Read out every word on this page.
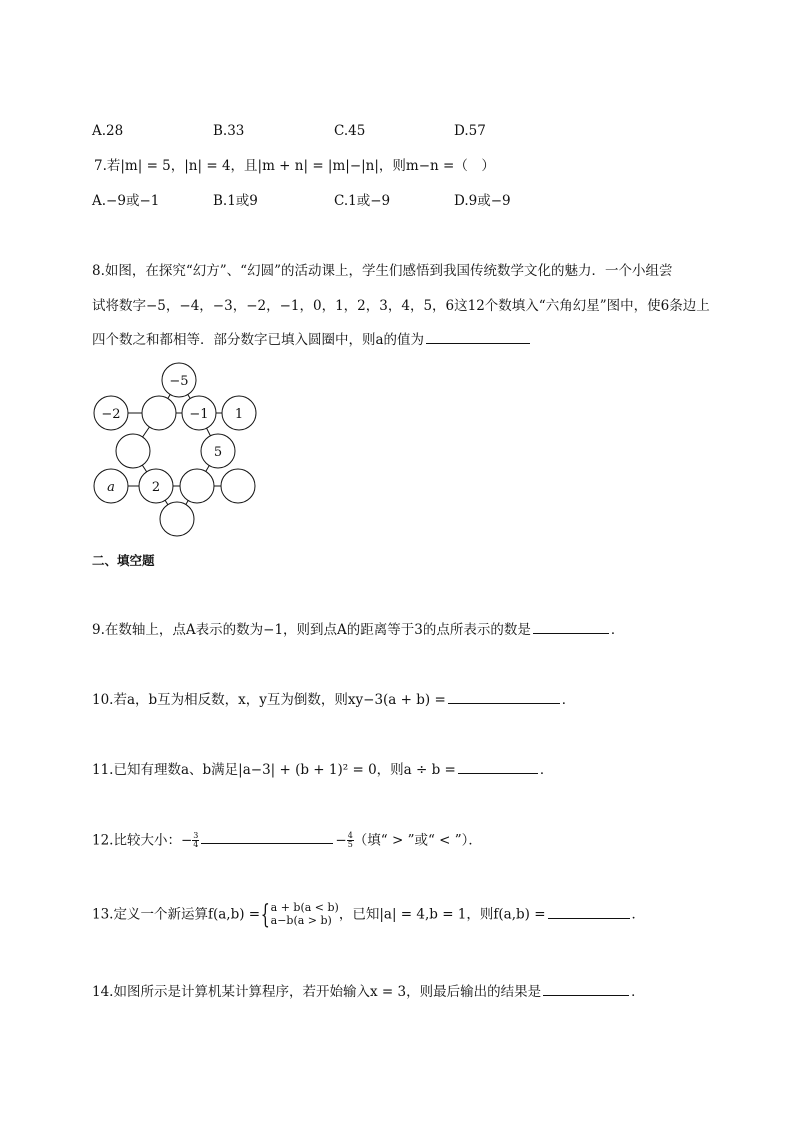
A.28	B.33	C.45	D.57
7.若|m| = 5，|n| = 4，且|m + n| = |m|−|n|，则m−n =（　）
A.−9或−1	B.1或9	C.1或−9	D.9或−9
8.如图，在探究“幻方”、“幻圆”的活动课上，学生们感悟到我国传统数学文化的魅力．一个小组尝
试将数字−5，−4，−3，−2，−1，0，1，2，3，4，5，6这12个数填入“六角幻星”图中，使6条边上
四个数之和都相等．部分数字已填入圆圈中，则a的值为
−5
−2	−1 1
5
a	2
二、填空题
9.在数轴上，点A表示的数为−1，则到点A的距离等于3的点所表示的数是	．
10.若a，b互为相反数，x，y互为倒数，则xy−3(a + b) =	．
11.已知有理数a、b满足|a−3| + (b + 1)² = 0，则a ÷ b =	．
12.比较大小：− $\frac{3}{4}$	− $\frac{4}{5}$ （填“ > ”或“ < ”）．
13.定义一个新运算f(a,b) ={ a + b(a < b)
a−b(a > b) ，已知|a| = 4,b = 1，则f(a,b) =	．
14.如图所示是计算机某计算程序，若开始输入x = 3，则最后输出的结果是	．
